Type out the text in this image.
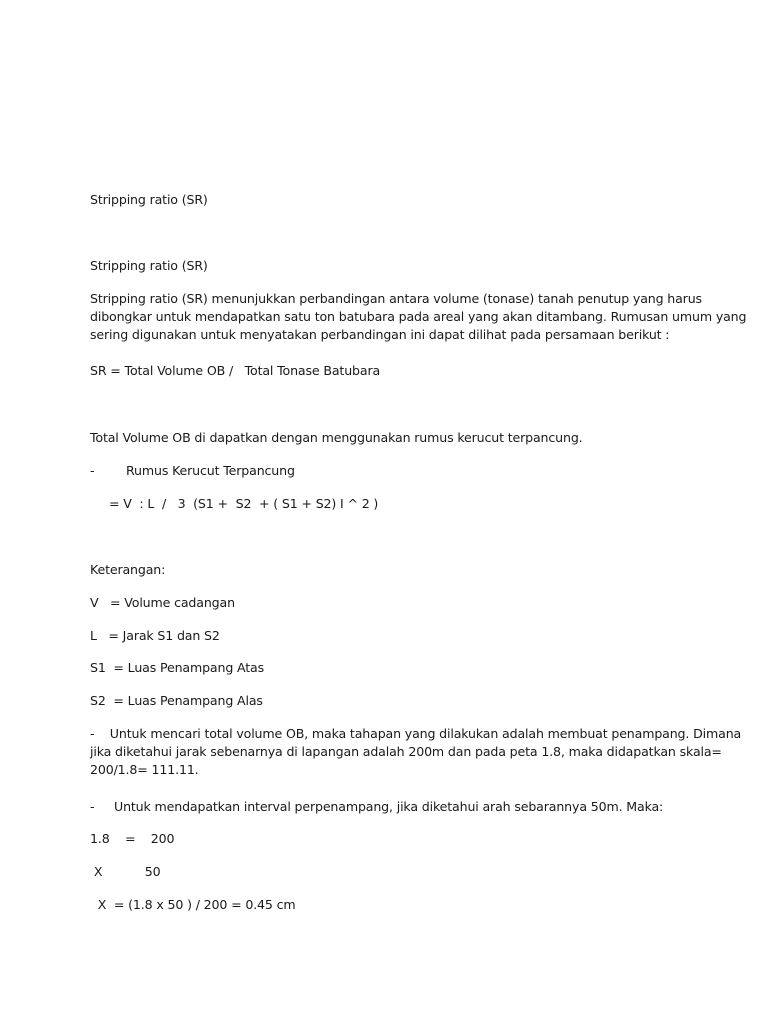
Stripping ratio (SR)
Stripping ratio (SR)
Stripping ratio (SR) menunjukkan perbandingan antara volume (tonase) tanah penutup yang harus
dibongkar untuk mendapatkan satu ton batubara pada areal yang akan ditambang. Rumusan umum yang
sering digunakan untuk menyatakan perbandingan ini dapat dilihat pada persamaan berikut :
SR = Total Volume OB /   Total Tonase Batubara
Total Volume OB di dapatkan dengan menggunakan rumus kerucut terpancung.
-	Rumus Kerucut Terpancung
= V  : L  /   3  (S1 +  S2  + ( S1 + S2) I ^ 2 )
Keterangan:
V   = Volume cadangan
L   = Jarak S1 dan S2
S1  = Luas Penampang Atas
S2  = Luas Penampang Alas
-    Untuk mencari total volume OB, maka tahapan yang dilakukan adalah membuat penampang. Dimana
jika diketahui jarak sebenarnya di lapangan adalah 200m dan pada peta 1.8, maka didapatkan skala=
200/1.8= 111.11.
- Untuk mendapatkan interval perpenampang, jika diketahui arah sebarannya 50m. Maka:
1.8    =    200
X           50
X  = (1.8 x 50 ) / 200 = 0.45 cm
